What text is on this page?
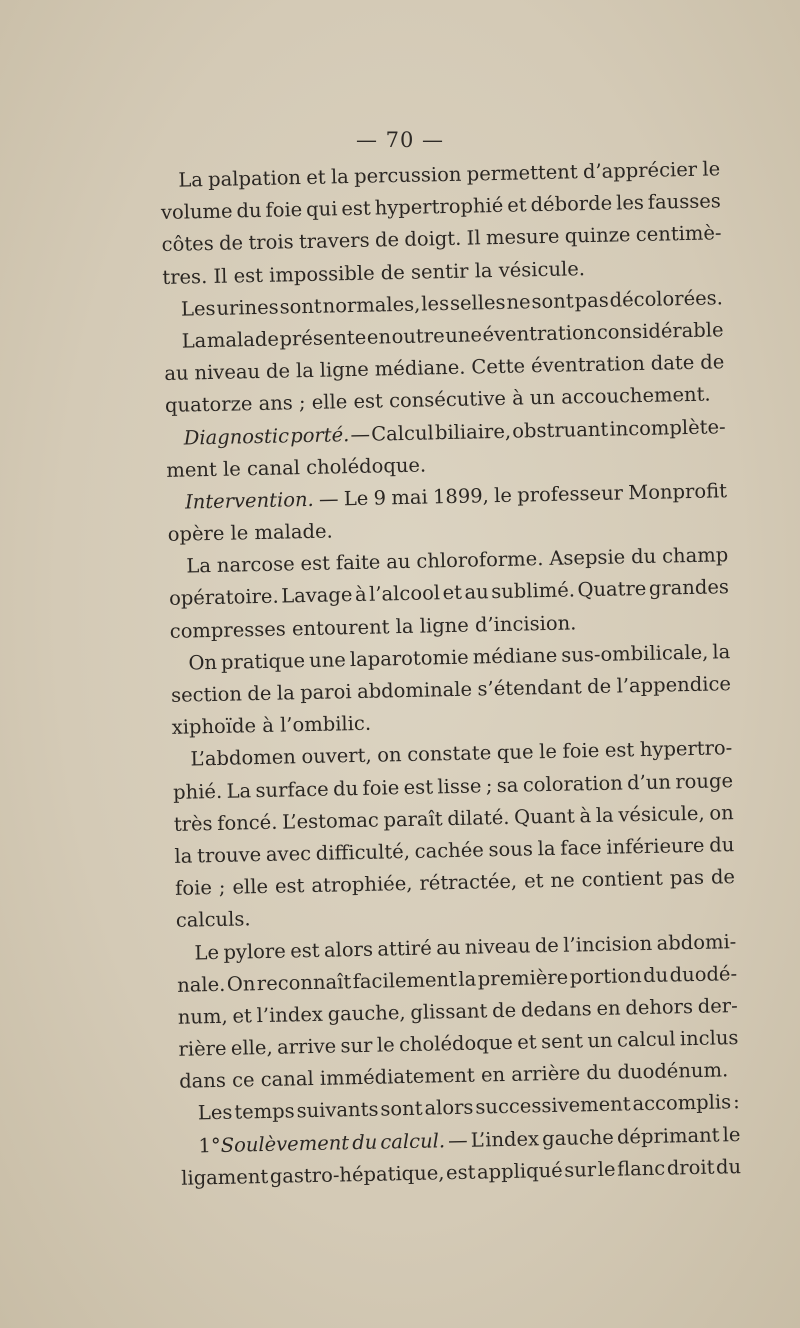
— 70 —
La palpation et la percussion permettent d’apprécier le
volume du foie qui est hypertrophié et déborde les fausses
côtes de trois travers de doigt. Il mesure quinze centimè-
tres. Il est impossible de sentir la vésicule.
Les urines sont normales, les selles ne sont pas décolorées.
La malade présente en outre une éventration considérable
au niveau de la ligne médiane. Cette éventration date de
quatorze ans ; elle est consécutive à un accouchement.
Diagnostic porté. — Calcul biliaire, obstruant incomplète-
ment le canal cholédoque.
Intervention. — Le 9 mai 1899, le professeur Monprofit
opère le malade.
La narcose est faite au chloroforme. Asepsie du champ
opératoire. Lavage à l’alcool et au sublimé. Quatre grandes
compresses entourent la ligne d’incision.
On pratique une laparotomie médiane sus-ombilicale, la
section de la paroi abdominale s’étendant de l’appendice
xiphoïde à l’ombilic.
L’abdomen ouvert, on constate que le foie est hypertro-
phié. La surface du foie est lisse ; sa coloration d’un rouge
très foncé. L’estomac paraît dilaté. Quant à la vésicule, on
la trouve avec difficulté, cachée sous la face inférieure du
foie ; elle est atrophiée, rétractée, et ne contient pas de
calculs.
Le pylore est alors attiré au niveau de l’incision abdomi-
nale. On reconnaît facilement la première portion du duodé-
num, et l’index gauche, glissant de dedans en dehors der-
rière elle, arrive sur le cholédoque et sent un calcul inclus
dans ce canal immédiatement en arrière du duodénum.
Les temps suivants sont alors successivement accomplis :
1°Soulèvement du calcul. — L’index gauche déprimant le
ligament gastro-hépatique, est appliqué sur le flanc droit du
